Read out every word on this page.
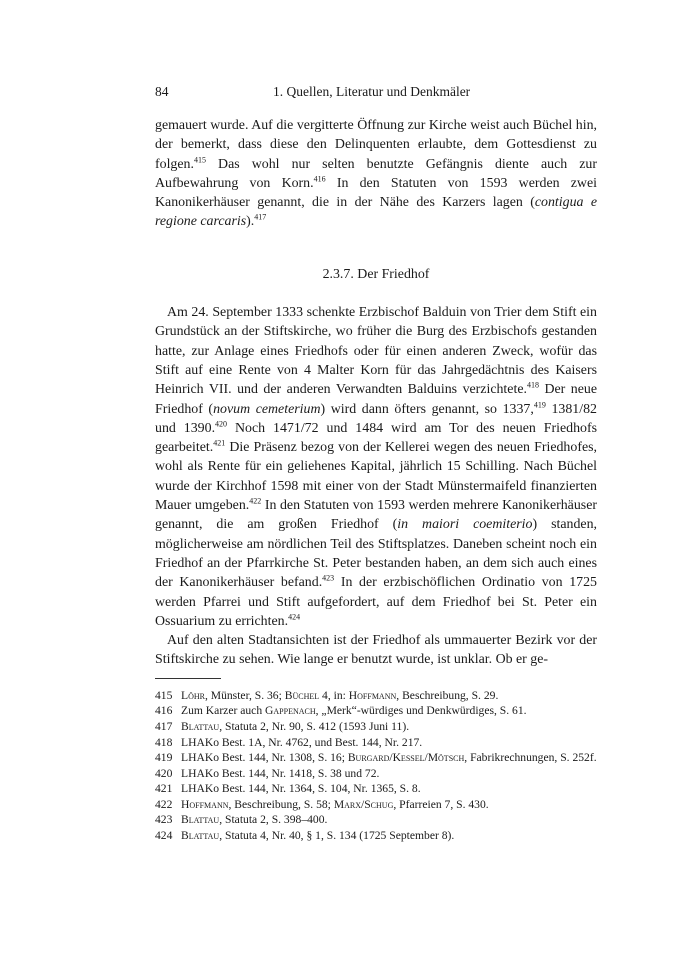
84	1. Quellen, Literatur und Denkmäler

gemauert wurde. Auf die vergitterte Öffnung zur Kirche weist auch Büchel hin, der bemerkt, dass diese den Delinquenten erlaubte, dem Gottesdienst zu folgen.$^{415}$ Das wohl nur selten benutzte Gefängnis diente auch zur Aufbewahrung von Korn.$^{416}$ In den Statuten von 1593 werden zwei Kanonikerhäuser genannt, die in der Nähe des Karzers lagen (contigua e regione carcaris).$^{417}$

2.3.7. Der Friedhof

Am 24. September 1333 schenkte Erzbischof Balduin von Trier dem Stift ein Grundstück an der Stiftskirche, wo früher die Burg des Erzbischofs gestanden hatte, zur Anlage eines Friedhofs oder für einen anderen Zweck, wofür das Stift auf eine Rente von 4 Malter Korn für das Jahrgedächtnis des Kaisers Heinrich VII. und der anderen Verwandten Balduins verzichtete.$^{418}$ Der neue Friedhof (novum cemeterium) wird dann öfters genannt, so 1337,$^{419}$ 1381/82 und 1390.$^{420}$ Noch 1471/72 und 1484 wird am Tor des neuen Friedhofs gearbeitet.$^{421}$ Die Präsenz bezog von der Kellerei wegen des neuen Friedhofes, wohl als Rente für ein geliehenes Kapital, jährlich 15 Schilling. Nach Büchel wurde der Kirchhof 1598 mit einer von der Stadt Münstermaifeld finanzierten Mauer umgeben.$^{422}$ In den Statuten von 1593 werden mehrere Kanonikerhäuser genannt, die am großen Friedhof (in maiori coemiterio) standen, möglicherweise am nördlichen Teil des Stiftsplatzes. Daneben scheint noch ein Friedhof an der Pfarrkirche St. Peter bestanden haben, an dem sich auch eines der Kanonikerhäuser befand.$^{423}$ In der erzbischöflichen Ordinatio von 1725 werden Pfarrei und Stift aufgefordert, auf dem Friedhof bei St. Peter ein Ossuarium zu errichten.$^{424}$

Auf den alten Stadtansichten ist der Friedhof als ummauerter Bezirk vor der Stiftskirche zu sehen. Wie lange er benutzt wurde, ist unklar. Ob er ge-

415 Löhr, Münster, S. 36; Büchel 4, in: Hoffmann, Beschreibung, S. 29.
416 Zum Karzer auch Gappenach, „Merk“-würdiges und Denkwürdiges, S. 61.
417 Blattau, Statuta 2, Nr. 90, S. 412 (1593 Juni 11).
418 LHAKo Best. 1A, Nr. 4762, und Best. 144, Nr. 217.
419 LHAKo Best. 144, Nr. 1308, S. 16; Burgard/Kessel/Mötsch, Fabrikrechnungen, S. 252f.
420 LHAKo Best. 144, Nr. 1418, S. 38 und 72.
421 LHAKo Best. 144, Nr. 1364, S. 104, Nr. 1365, S. 8.
422 Hoffmann, Beschreibung, S. 58; Marx/Schug, Pfarreien 7, S. 430.
423 Blattau, Statuta 2, S. 398–400.
424 Blattau, Statuta 4, Nr. 40, § 1, S. 134 (1725 September 8).
